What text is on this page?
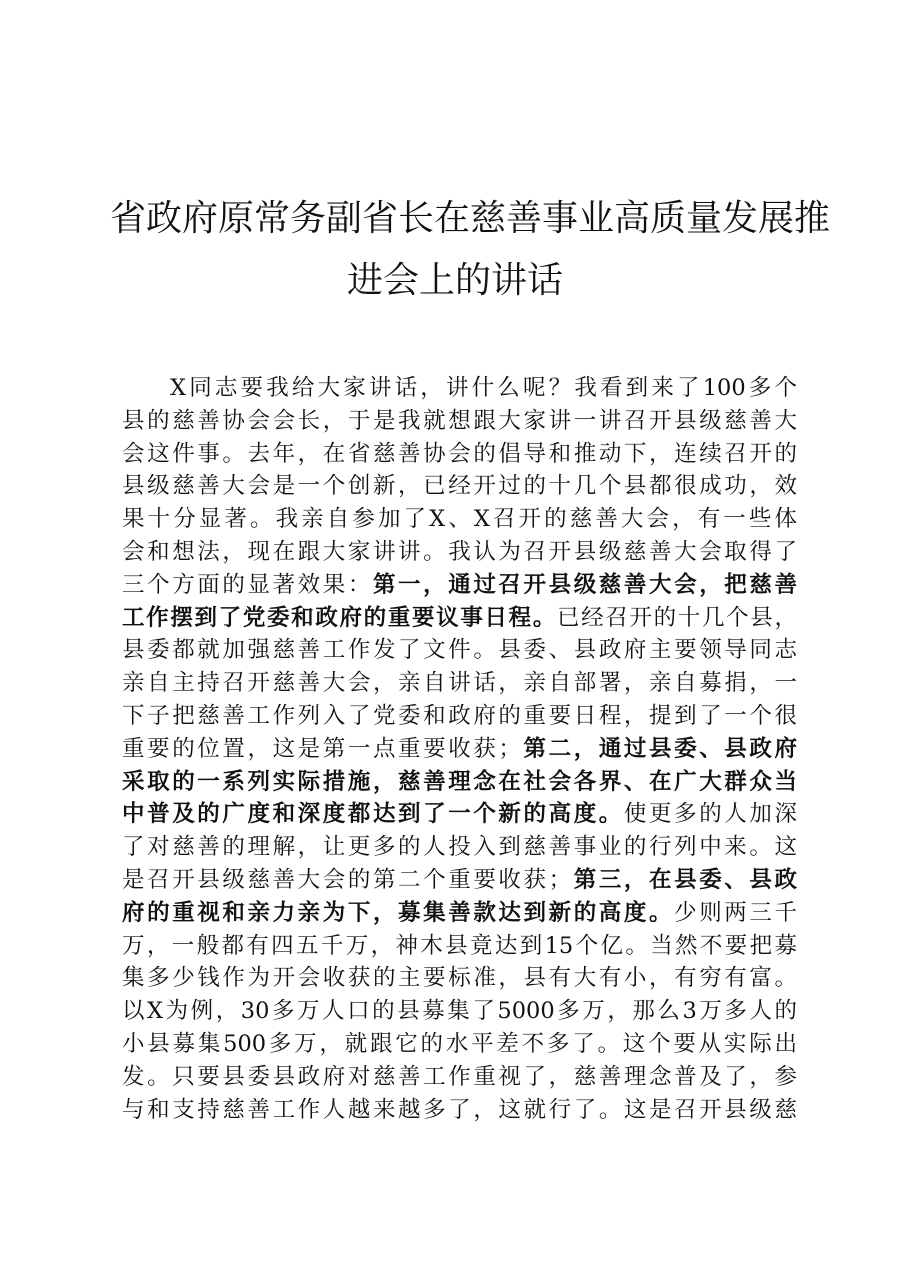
省政府原常务副省长在慈善事业高质量发展推
进会上的讲话
X同志要我给大家讲话，讲什么呢？我看到来了100多个
县的慈善协会会长，于是我就想跟大家讲一讲召开县级慈善大
会这件事。去年，在省慈善协会的倡导和推动下，连续召开的
县级慈善大会是一个创新，已经开过的十几个县都很成功，效
果十分显著。我亲自参加了X、X召开的慈善大会，有一些体
会和想法，现在跟大家讲讲。我认为召开县级慈善大会取得了
三个方面的显著效果：第一，通过召开县级慈善大会，把慈善
工作摆到了党委和政府的重要议事日程。已经召开的十几个县，
县委都就加强慈善工作发了文件。县委、县政府主要领导同志
亲自主持召开慈善大会，亲自讲话，亲自部署，亲自募捐，一
下子把慈善工作列入了党委和政府的重要日程，提到了一个很
重要的位置，这是第一点重要收获；第二，通过县委、县政府
采取的一系列实际措施，慈善理念在社会各界、在广大群众当
中普及的广度和深度都达到了一个新的高度。使更多的人加深
了对慈善的理解，让更多的人投入到慈善事业的行列中来。这
是召开县级慈善大会的第二个重要收获；第三，在县委、县政
府的重视和亲力亲为下，募集善款达到新的高度。少则两三千
万，一般都有四五千万，神木县竟达到15个亿。当然不要把募
集多少钱作为开会收获的主要标准，县有大有小，有穷有富。
以X为例，30多万人口的县募集了5000多万，那么3万多人的
小县募集500多万，就跟它的水平差不多了。这个要从实际出
发。只要县委县政府对慈善工作重视了，慈善理念普及了，参
与和支持慈善工作人越来越多了，这就行了。这是召开县级慈
